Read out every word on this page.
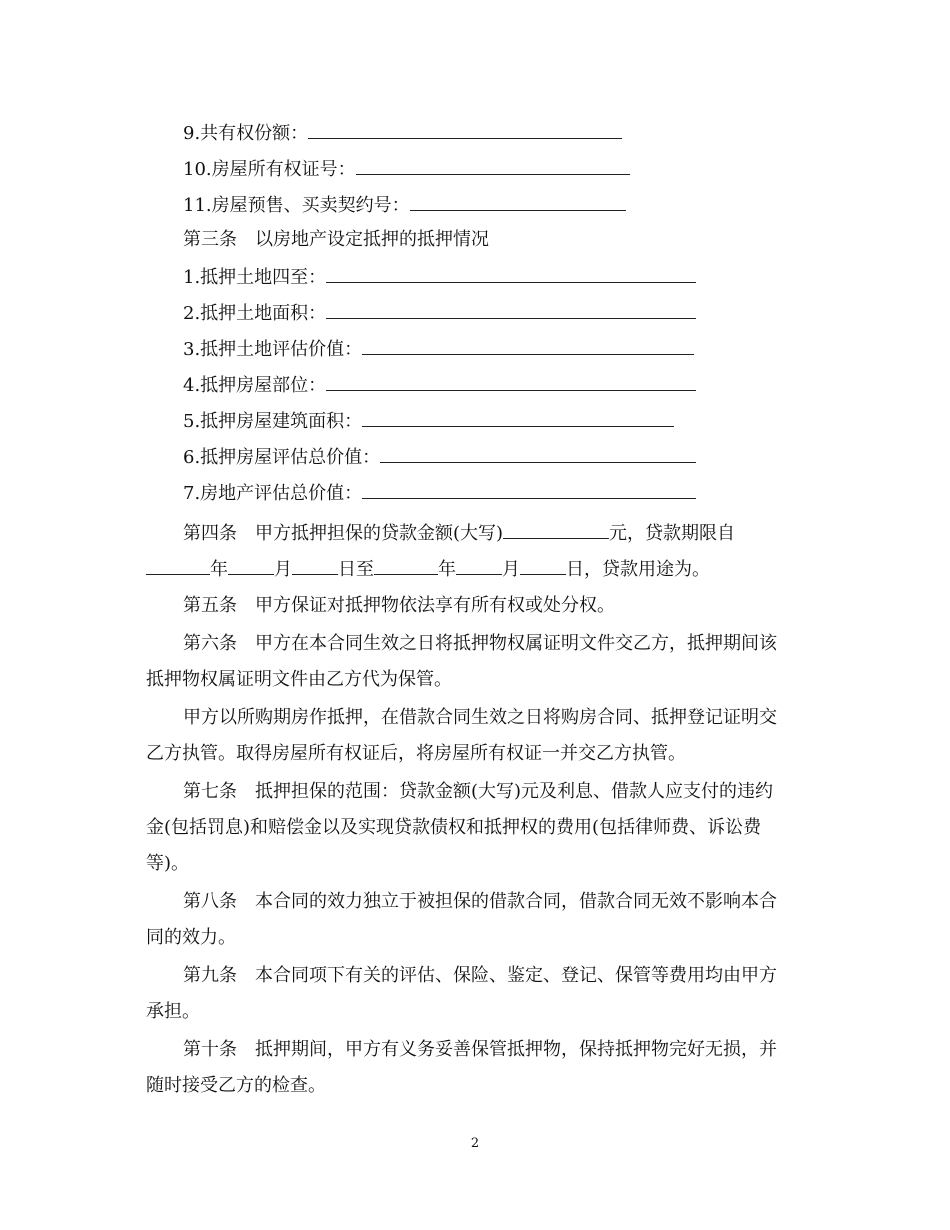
9.共有权份额：
10.房屋所有权证号：
11.房屋预售、买卖契约号：
第三条　以房地产设定抵押的抵押情况
1.抵押土地四至：
2.抵押土地面积：
3.抵押土地评估价值：
4.抵押房屋部位：
5.抵押房屋建筑面积：
6.抵押房屋评估总价值：
7.房地产评估总价值：
第四条　甲方抵押担保的贷款金额(大写)	元，贷款期限自
年	月	日至	年	月	日，贷款用途为。
第五条　甲方保证对抵押物依法享有所有权或处分权。
第六条　甲方在本合同生效之日将抵押物权属证明文件交乙方，抵押期间该
抵押物权属证明文件由乙方代为保管。
甲方以所购期房作抵押，在借款合同生效之日将购房合同、抵押登记证明交
乙方执管。取得房屋所有权证后，将房屋所有权证一并交乙方执管。
第七条　抵押担保的范围：贷款金额(大写)元及利息、借款人应支付的违约
金(包括罚息)和赔偿金以及实现贷款债权和抵押权的费用(包括律师费、诉讼费
等)。
第八条　本合同的效力独立于被担保的借款合同，借款合同无效不影响本合
同的效力。
第九条　本合同项下有关的评估、保险、鉴定、登记、保管等费用均由甲方
承担。
第十条　抵押期间，甲方有义务妥善保管抵押物，保持抵押物完好无损，并
随时接受乙方的检查。
2
